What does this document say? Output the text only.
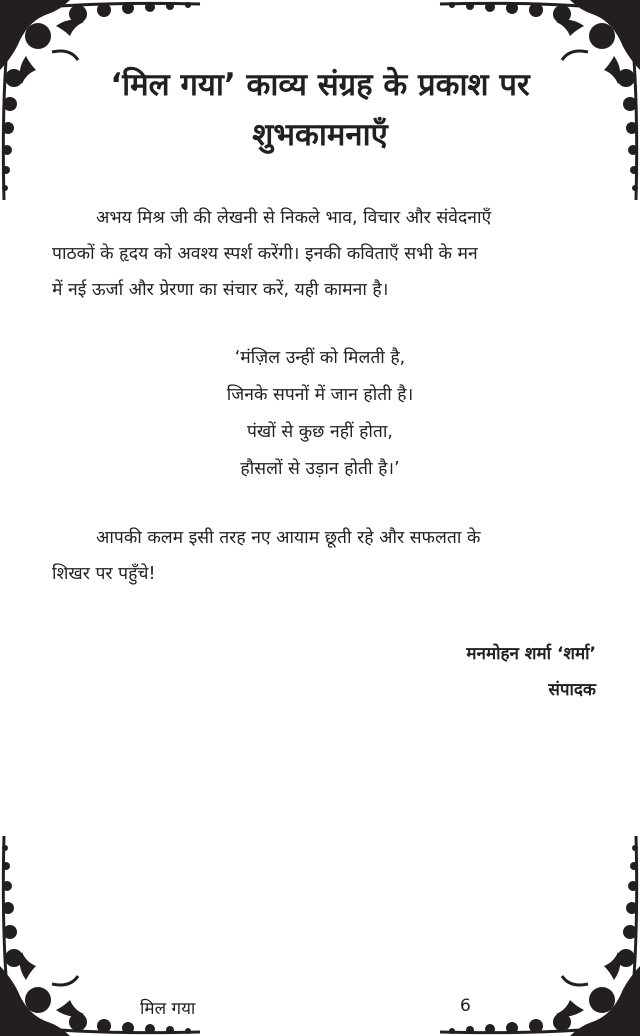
‘मिल गया’ काव्य संग्रह के प्रकाश पर
शुभकामनाएँ

अभय मिश्र जी की लेखनी से निकले भाव, विचार और संवेदनाएँ
पाठकों के हृदय को अवश्य स्पर्श करेंगी। इनकी कविताएँ सभी के मन
में नई ऊर्जा और प्रेरणा का संचार करें, यही कामना है।

‘मंज़िल उन्हीं को मिलती है,
जिनके सपनों में जान होती है।
पंखों से कुछ नहीं होता,
हौसलों से उड़ान होती है।’

आपकी कलम इसी तरह नए आयाम छूती रहे और सफलता के
शिखर पर पहुँचे!

मनमोहन शर्मा ‘शर्मा’
संपादक
मिल गया	6
